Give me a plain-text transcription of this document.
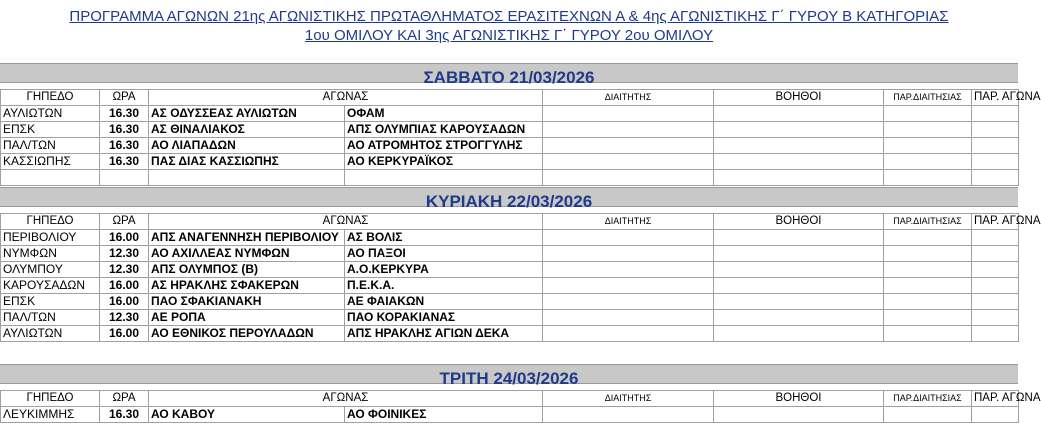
ΠΡΟΓΡΑΜΜΑ ΑΓΩΝΩΝ 21ης ΑΓΩΝΙΣΤΙΚΗΣ ΠΡΩΤΑΘΛΗΜΑΤΟΣ ΕΡΑΣΙΤΕΧΝΩΝ Α & 4ης ΑΓΩΝΙΣΤΙΚΗΣ Γ΄ ΓΥΡΟΥ Β ΚΑΤΗΓΟΡΙΑΣ
1ου ΟΜΙΛΟΥ ΚΑΙ 3ης ΑΓΩΝΙΣΤΙΚΗΣ Γ΄ ΓΥΡΟΥ 2ου ΟΜΙΛΟΥ
ΣΑΒΒΑΤΟ 21/03/2026
ΓΗΠΕΔΟ	ΩΡΑ	ΑΓΩΝΑΣ		ΔΙΑΙΤΗΤΗΣ	ΒΟΗΘΟΙ	ΠΑΡ.ΔΙΑΙΤΗΣΙΑΣ	ΠΑΡ. ΑΓΩΝΑ
ΑΥΛΙΩΤΩΝ	16.30	ΑΣ ΟΔΥΣΣΕΑΣ ΑΥΛΙΩΤΩΝ	ΟΦΑΜ				
ΕΠΣΚ	16.30	ΑΣ ΘΙΝΑΛΙΑΚΟΣ	ΑΠΣ ΟΛΥΜΠΙΑΣ ΚΑΡΟΥΣΑΔΩΝ				
ΠΑΛ/ΤΩΝ	16.30	ΑΟ ΛΙΑΠΑΔΩΝ	ΑΟ ΑΤΡΟΜΗΤΟΣ ΣΤΡΟΓΓΥΛΗΣ				
ΚΑΣΣΙΩΠΗΣ	16.30	ΠΑΣ ΔΙΑΣ ΚΑΣΣΙΩΠΗΣ	ΑΟ ΚΕΡΚΥΡΑΪΚΟΣ				

ΚΥΡΙΑΚΗ 22/03/2026
ΓΗΠΕΔΟ	ΩΡΑ	ΑΓΩΝΑΣ		ΔΙΑΙΤΗΤΗΣ	ΒΟΗΘΟΙ	ΠΑΡ.ΔΙΑΙΤΗΣΙΑΣ	ΠΑΡ. ΑΓΩΝΑ
ΠΕΡΙΒΟΛΙΟΥ	16.00	ΑΠΣ ΑΝΑΓΕΝΝΗΣΗ ΠΕΡΙΒΟΛΙΟΥ	ΑΣ ΒΟΛΙΣ				
ΝΥΜΦΩΝ	12.30	ΑΟ ΑΧΙΛΛΕΑΣ ΝΥΜΦΩΝ	ΑΟ ΠΑΞΟΙ				
ΟΛΥΜΠΟΥ	12.30	ΑΠΣ ΟΛΥΜΠΟΣ (Β)	Α.Ο.ΚΕΡΚΥΡΑ				
ΚΑΡΟΥΣΑΔΩΝ	16.00	ΑΣ ΗΡΑΚΛΗΣ ΣΦΑΚΕΡΩΝ	Π.Ε.Κ.Α.				
ΕΠΣΚ	16.00	ΠΑΟ ΣΦΑΚΙΑΝΑΚΗ	ΑΕ ΦΑΙΑΚΩΝ				
ΠΑΛ/ΤΩΝ	12.30	ΑΕ ΡΟΠΑ	ΠΑΟ ΚΟΡΑΚΙΑΝΑΣ				
ΑΥΛΙΩΤΩΝ	16.00	ΑΟ ΕΘΝΙΚΟΣ ΠΕΡΟΥΛΑΔΩΝ	ΑΠΣ ΗΡΑΚΛΗΣ ΑΓΙΩΝ ΔΕΚΑ				
ΤΡΙΤΗ 24/03/2026
ΓΗΠΕΔΟ	ΩΡΑ	ΑΓΩΝΑΣ		ΔΙΑΙΤΗΤΗΣ	ΒΟΗΘΟΙ	ΠΑΡ.ΔΙΑΙΤΗΣΙΑΣ	ΠΑΡ. ΑΓΩΝΑ
ΛΕΥΚΙΜΜΗΣ	16.30	ΑΟ ΚΑΒΟΥ	ΑΟ ΦΟΙΝΙΚΕΣ				
